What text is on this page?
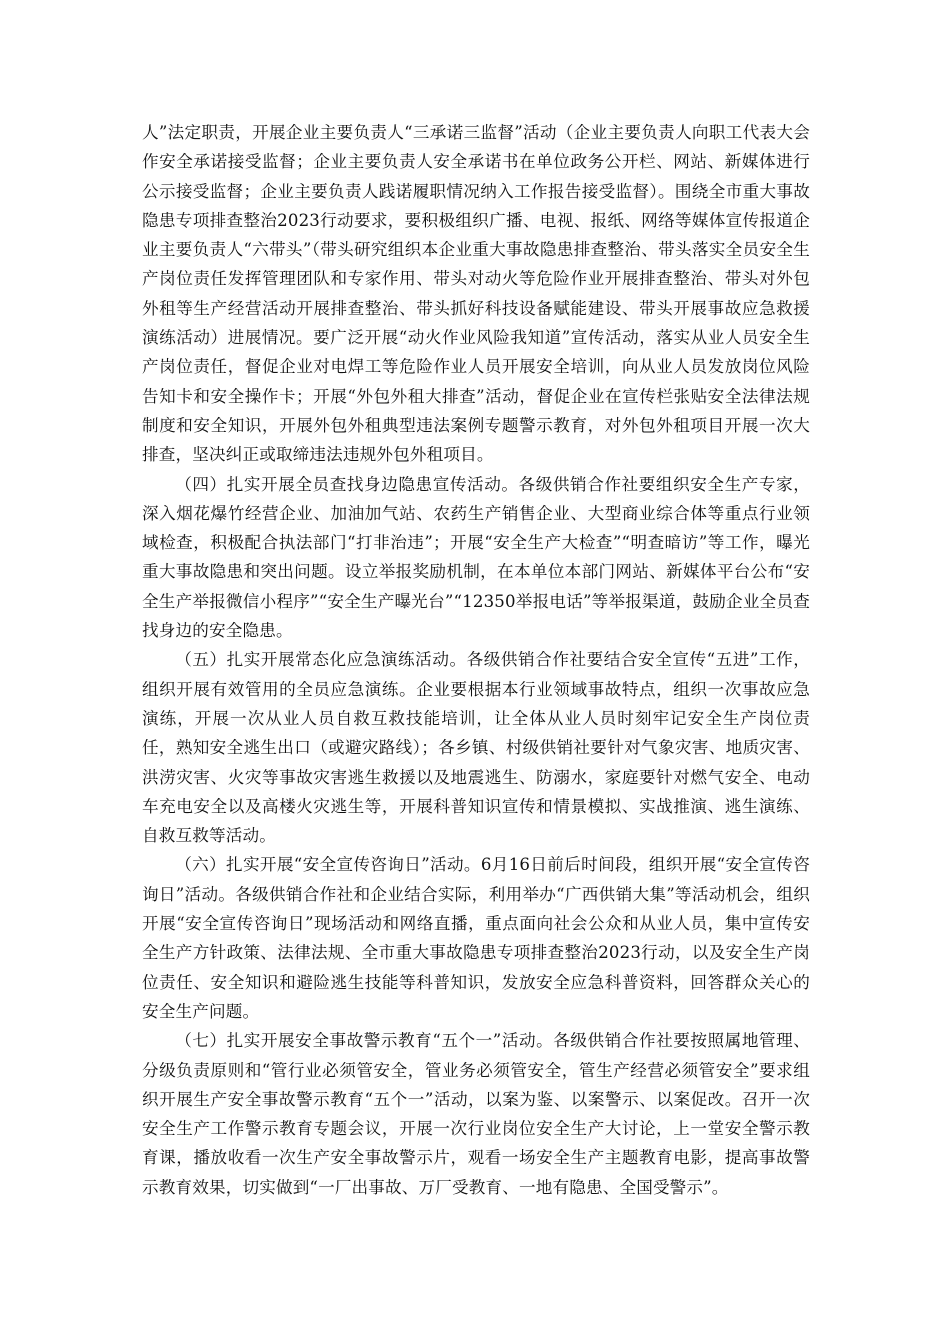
人”法定职责，开展企业主要负责人“三承诺三监督”活动（企业主要负责人向职工代表大会作安全承诺接受监督；企业主要负责人安全承诺书在单位政务公开栏、网站、新媒体进行公示接受监督；企业主要负责人践诺履职情况纳入工作报告接受监督）。围绕全市重大事故隐患专项排查整治2023行动要求，要积极组织广播、电视、报纸、网络等媒体宣传报道企业主要负责人“六带头”（带头研究组织本企业重大事故隐患排查整治、带头落实全员安全生产岗位责任发挥管理团队和专家作用、带头对动火等危险作业开展排查整治、带头对外包外租等生产经营活动开展排查整治、带头抓好科技设备赋能建设、带头开展事故应急救援演练活动）进展情况。要广泛开展“动火作业风险我知道”宣传活动，落实从业人员安全生产岗位责任，督促企业对电焊工等危险作业人员开展安全培训，向从业人员发放岗位风险告知卡和安全操作卡；开展“外包外租大排查”活动，督促企业在宣传栏张贴安全法律法规制度和安全知识，开展外包外租典型违法案例专题警示教育，对外包外租项目开展一次大排查，坚决纠正或取缔违法违规外包外租项目。

（四）扎实开展全员查找身边隐患宣传活动。各级供销合作社要组织安全生产专家，深入烟花爆竹经营企业、加油加气站、农药生产销售企业、大型商业综合体等重点行业领域检查，积极配合执法部门“打非治违”；开展“安全生产大检查”“明查暗访”等工作，曝光重大事故隐患和突出问题。设立举报奖励机制，在本单位本部门网站、新媒体平台公布“安全生产举报微信小程序”“安全生产曝光台”“12350举报电话”等举报渠道，鼓励企业全员查找身边的安全隐患。

（五）扎实开展常态化应急演练活动。各级供销合作社要结合安全宣传“五进”工作，组织开展有效管用的全员应急演练。企业要根据本行业领域事故特点，组织一次事故应急演练，开展一次从业人员自救互救技能培训，让全体从业人员时刻牢记安全生产岗位责任，熟知安全逃生出口（或避灾路线）；各乡镇、村级供销社要针对气象灾害、地质灾害、洪涝灾害、火灾等事故灾害逃生救援以及地震逃生、防溺水，家庭要针对燃气安全、电动车充电安全以及高楼火灾逃生等，开展科普知识宣传和情景模拟、实战推演、逃生演练、自救互救等活动。

（六）扎实开展“安全宣传咨询日”活动。6月16日前后时间段，组织开展“安全宣传咨询日”活动。各级供销合作社和企业结合实际，利用举办“广西供销大集”等活动机会，组织开展“安全宣传咨询日”现场活动和网络直播，重点面向社会公众和从业人员，集中宣传安全生产方针政策、法律法规、全市重大事故隐患专项排查整治2023行动，以及安全生产岗位责任、安全知识和避险逃生技能等科普知识，发放安全应急科普资料，回答群众关心的安全生产问题。

（七）扎实开展安全事故警示教育“五个一”活动。各级供销合作社要按照属地管理、分级负责原则和“管行业必须管安全，管业务必须管安全，管生产经营必须管安全”要求组织开展生产安全事故警示教育“五个一”活动，以案为鉴、以案警示、以案促改。召开一次安全生产工作警示教育专题会议，开展一次行业岗位安全生产大讨论，上一堂安全警示教育课，播放收看一次生产安全事故警示片，观看一场安全生产主题教育电影，提高事故警示教育效果，切实做到“一厂出事故、万厂受教育、一地有隐患、全国受警示”。
